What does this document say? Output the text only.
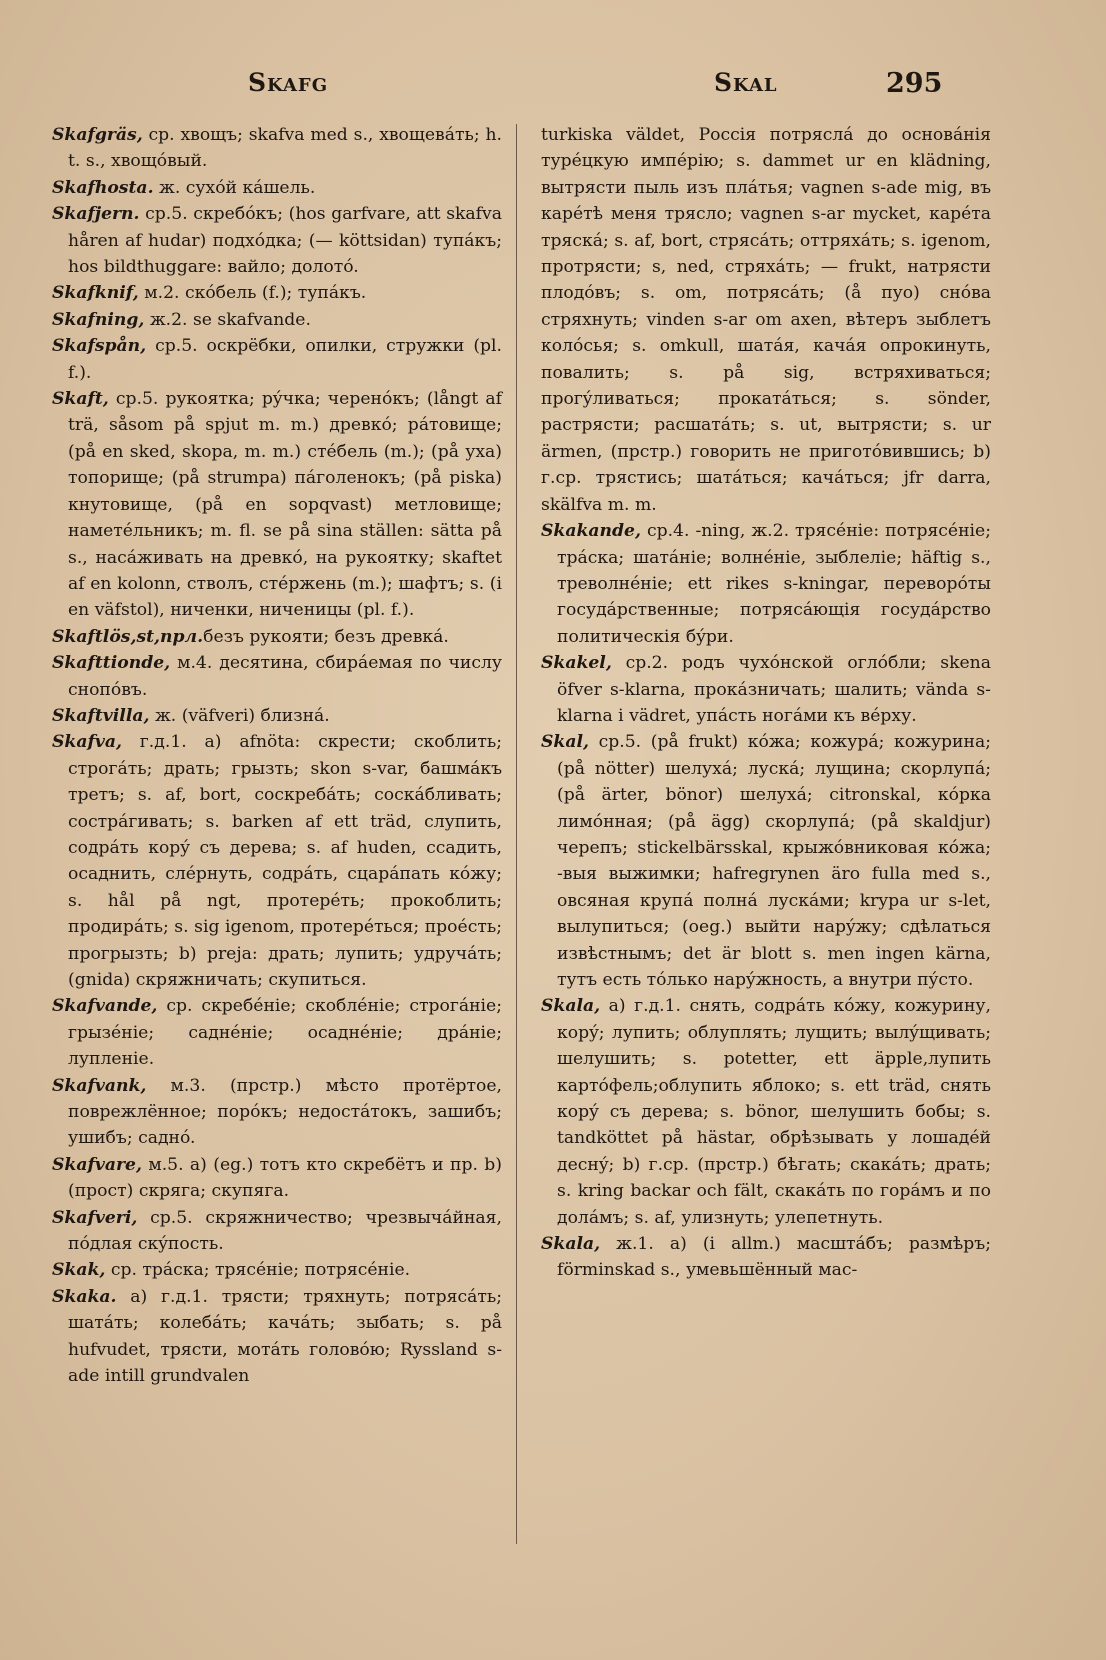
Skafg	Skal	295

Skafgräs, ср. хвощъ; skafva med s., хвощевáть; h. t. s., хвощóвый.

Skafhosta. ж. сухóй кáшель.

Skafjern. ср.5. скребóкъ; (hos garfvare, att skafva håren af hudar) подхóдка; (— köttsidan) тупáкъ; hos bildthuggare: вайло; долотó.

Skafknif, м.2. скóбель (f.); тупáкъ.

Skafning, ж.2. se skafvande.

Skafspån, ср.5. оскрёбки, опилки, стружки (pl. f.).

Skaft, ср.5. рукоятка; рýчка; черенóкъ; (långt af trä, såsom på spjut m. m.) древкó; рáтовище; (på en sked, skopa, m. m.) стéбель (m.); (på уха) топорище; (på strumpa) пáголенокъ; (på piska) кнутовище, (på en sopqvast) метловище; наметéльникъ; m. fl. se på sina ställen: sätta på s., насáживать на древкó, на рукоятку; skaftet af en kolonn, стволъ, стéржень (m.); шафтъ; s. (i en väfstol), ниченки, ниченицы (pl. f.).

Skaftlös,st,прл.безъ рукояти; безъ древкá.

Skafttionde, м.4. десятина, сбирáемая по числу снопóвъ.

Skaftvilla, ж. (väfveri) близнá.

Skafva, г.д.1. a) afnöta: скрести; скоблить; строгáть; драть; грызть; skon s-var, башмáкъ третъ; s. af, bort, соскребáть; соскáбливать; сострáгивать; s. barken af ett träd, слупить, содрáть корý съ дерева; s. af huden, ссадить, осаднить, слéрнуть, содрáть, сцарáпать кóжу; s. hål på ngt, протерéть; прокоблить; продирáть; s. sig igenom, протерéться; проéсть; прогрызть; b) preja: драть; лупить; удручáть; (gnida) скряжничать; скупиться.

Skafvande, ср. скребéніе; скоблéніе; строгáніе; грызéніе; саднéніе; осаднéніе; дрáніе; лупленіе.

Skafvank, м.3. (прстр.) мѣсто протёртое, поврежлённое; порóкъ; недостáтокъ, зашибъ; ушибъ; саднó.

Skafvare, м.5. a) (eg.) тотъ кто скребётъ и пр. b) (прост) скряга; скупяга.

Skafveri, ср.5. скряжничество; чрезвычáйная, пóдлая скýпость.

Skak, ср. трáска; трясéніе; потрясéніе.

Skaka. a) г.д.1. трясти; тряхнуть; потрясáть; шатáть; колебáть; качáть; зыбать; s. på hufvudet, трясти, мотáть головóю; Ryssland s-ade intill grundvalen

turkiska väldet, Россія потряслá до основáнія турéцкую импéрію; s. dammet ur en klädning, вытрясти пыль изъ плáтья; vagnen s-ade mig, въ карéтѣ меня трясло; vagnen s-ar mycket, карéта тряскá; s. af, bort, стрясáть; оттряхáть; s. igenom, протрясти; s, ned, стряхáть; — frukt, натрясти плодóвъ; s. om, потрясáть; (å пуо) снóва стряхнуть; vinden s-ar om axen, вѣтеръ зыблетъ колóсья; s. omkull, шатáя, качáя опрокинуть, повалить; s. på sig, встряхиваться; прогýливаться; прокатáться; s. sönder, растрясти; расшатáть; s. ut, вытрясти; s. ur ärmen, (прстр.) говорить не приготóвившись; b) г.ср. трястись; шатáться; качáться; jfr darra, skälfva m. m.

Skakande, ср.4. -ning, ж.2. трясéніе: потрясéніе; трáска; шатáніе; волнéніе, зыблеліе; häftig s., треволнéніе; ett rikes s-kningar, переворóты госудáрственные; потрясáющія госудáрство политическія бýри.

Skakel, ср.2. родъ чухóнской оглóбли; skena öfver s-klarna, прокáзничать; шалить; vända s-klarna i vädret, упáсть ногáми къ вéрху.

Skal, ср.5. (på frukt) кóжа; кожурá; кожурина; (på nötter) шелухá; лускá; лущина; скорлупá; (på ärter, bönor) шелухá; citronskal, кóрка лимóнная; (på ägg) скорлупá; (på skaldjur) черепъ; stickelbärsskal, крыжóвниковая кóжа; -выя выжимки; hafregrynen äro fulla med s., овсяная крупá полнá лускáми; krypa ur s-let, вылупиться; (oeg.) выйти нарýжу; сдѣлаться извѣстнымъ; det är blott s. men ingen kärna, тутъ есть тóлько нарýжность, а внутри пýсто.

Skala, a) г.д.1. снять, содрáть кóжу, кожурину, корý; лупить; облуплять; лущить; вылýщивать; шелушить; s. potetter, ett äpple,лупить картóфель;облупить яблоко; s. ett träd, снять корý съ дерева; s. bönor, шелушить бобы; s. tandköttet på hästar, обрѣзывать у лошадéй деснý; b) г.ср. (прстр.) бѣгать; скакáть; драть; s. kring backar och fält, скакáть по горáмъ и по долáмъ; s. af, улизнуть; улепетнуть.

Skala, ж.1. a) (i allm.) масштáбъ; размѣръ; förminskad s., умевьшённый мас-
